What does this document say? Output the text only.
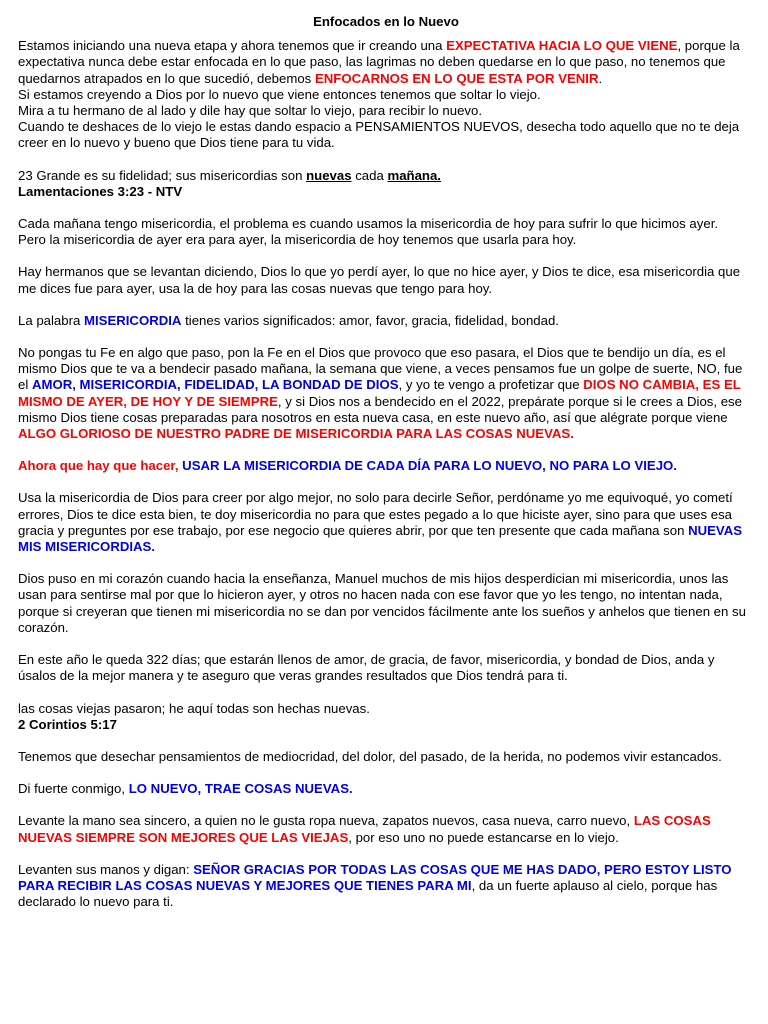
Enfocados en lo Nuevo
Estamos iniciando una nueva etapa y ahora tenemos que ir creando una EXPECTATIVA HACIA LO QUE VIENE, porque la expectativa nunca debe estar enfocada en lo que paso, las lagrimas no deben quedarse en lo que paso, no tenemos que quedarnos atrapados en lo que sucedió, debemos ENFOCARNOS EN LO QUE ESTA POR VENIR.
Si estamos creyendo a Dios por lo nuevo que viene entonces tenemos que soltar lo viejo.
Mira a tu hermano de al lado y dile hay que soltar lo viejo, para recibir lo nuevo.
Cuando te deshaces de lo viejo le estas dando espacio a PENSAMIENTOS NUEVOS, desecha todo aquello que no te deja creer en lo nuevo y bueno que Dios tiene para tu vida.
23 Grande es su fidelidad; sus misericordias son nuevas cada mañana.
Lamentaciones 3:23 - NTV
Cada mañana tengo misericordia, el problema es cuando usamos la misericordia de hoy para sufrir lo que hicimos ayer.
Pero la misericordia de ayer era para ayer, la misericordia de hoy tenemos que usarla para hoy.
Hay hermanos que se levantan diciendo, Dios lo que yo perdí ayer, lo que no hice ayer, y Dios te dice, esa misericordia que me dices fue para ayer, usa la de hoy para las cosas nuevas que tengo para hoy.
La palabra MISERICORDIA tienes varios significados: amor, favor, gracia, fidelidad, bondad.
No pongas tu Fe en algo que paso, pon la Fe en el Dios que provoco que eso pasara, el Dios que te bendijo un día, es el mismo Dios que te va a bendecir pasado mañana, la semana que viene, a veces pensamos fue un golpe de suerte, NO, fue el AMOR, MISERICORDIA, FIDELIDAD, LA BONDAD DE DIOS, y yo te vengo a profetizar que DIOS NO CAMBIA, ES EL MISMO DE AYER, DE HOY Y DE SIEMPRE, y si Dios nos a bendecido en el 2022, prepárate porque si le crees a Dios, ese mismo Dios tiene cosas preparadas para nosotros en esta nueva casa, en este nuevo año, así que alégrate porque viene ALGO GLORIOSO DE NUESTRO PADRE DE MISERICORDIA PARA LAS COSAS NUEVAS.
Ahora que hay que hacer, USAR LA MISERICORDIA DE CADA DÍA PARA LO NUEVO, NO PARA LO VIEJO.
Usa la misericordia de Dios para creer por algo mejor, no solo para decirle Señor, perdóname yo me equivoqué, yo cometí errores, Dios te dice esta bien, te doy misericordia no para que estes pegado a lo que hiciste ayer, sino para que uses esa gracia y preguntes por ese trabajo, por ese negocio que quieres abrir, por que ten presente que cada mañana son NUEVAS MIS MISERICORDIAS.
Dios puso en mi corazón cuando hacia la enseñanza, Manuel muchos de mis hijos desperdician mi misericordia, unos las usan para sentirse mal por que lo hicieron ayer, y otros no hacen nada con ese favor que yo les tengo, no intentan nada, porque si creyeran que tienen mi misericordia no se dan por vencidos fácilmente ante los sueños y anhelos que tienen en su corazón.
En este año le queda 322 días; que estarán llenos de amor, de gracia, de favor, misericordia, y bondad de Dios, anda y úsalos de la mejor manera y te aseguro que veras grandes resultados que Dios tendrá para ti.
las cosas viejas pasaron; he aquí todas son hechas nuevas.
2 Corintios 5:17
Tenemos que desechar pensamientos de mediocridad, del dolor, del pasado, de la herida, no podemos vivir estancados.
Di fuerte conmigo, LO NUEVO, TRAE COSAS NUEVAS.
Levante la mano sea sincero, a quien no le gusta ropa nueva, zapatos nuevos, casa nueva, carro nuevo, LAS COSAS NUEVAS SIEMPRE SON MEJORES QUE LAS VIEJAS, por eso uno no puede estancarse en lo viejo.
Levanten sus manos y digan: SEÑOR GRACIAS POR TODAS LAS COSAS QUE ME HAS DADO, PERO ESTOY LISTO PARA RECIBIR LAS COSAS NUEVAS Y MEJORES QUE TIENES PARA MI, da un fuerte aplauso al cielo, porque has declarado lo nuevo para ti.
